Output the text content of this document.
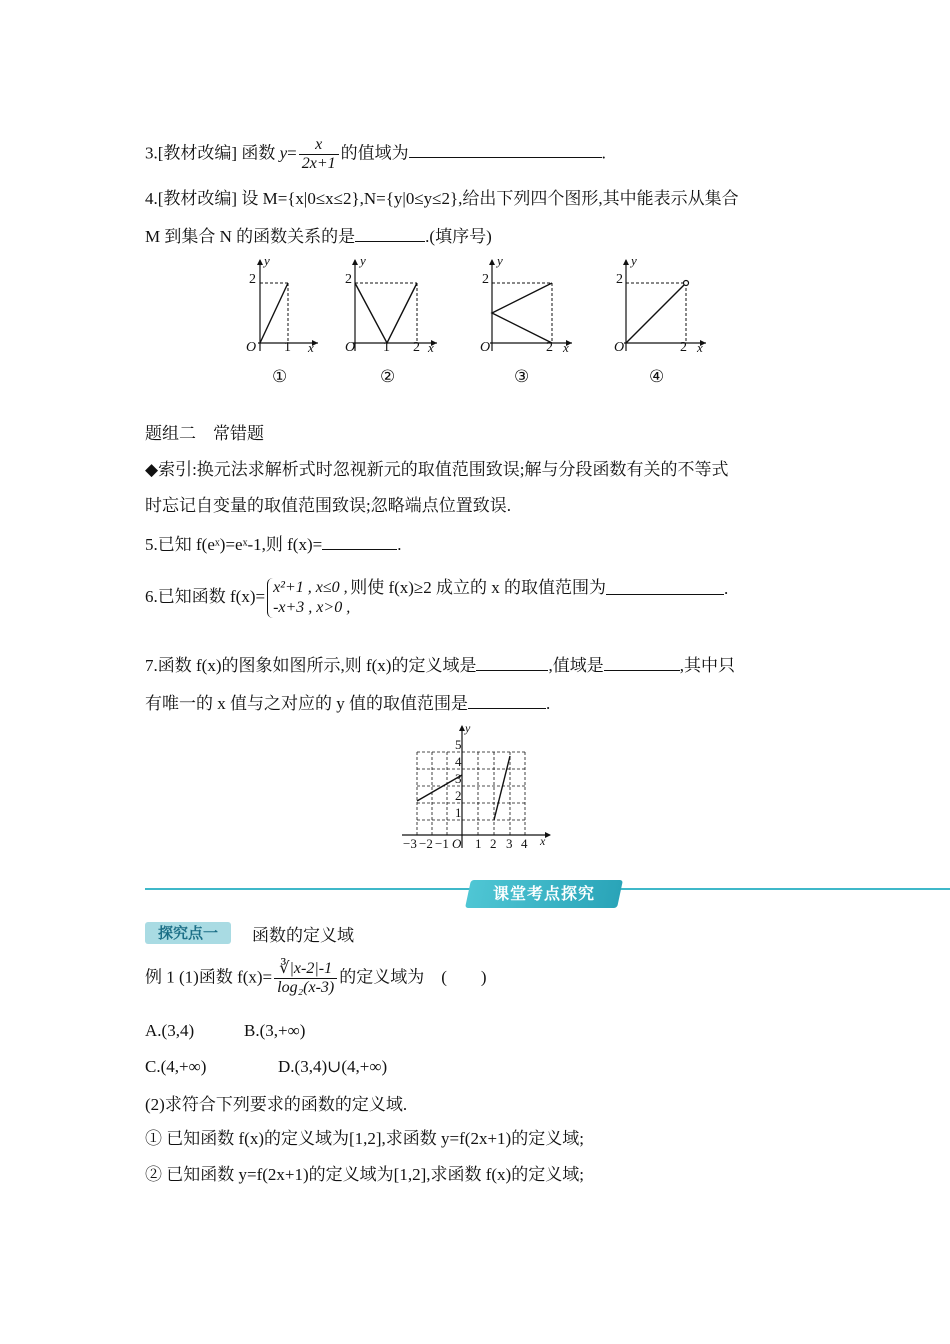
3.[教材改编] 函数 $y= \frac{x}{2x+1}$ 的值域为	.
4.[教材改编] 设 M={x|0≤x≤2},N={y|0≤y≤2},给出下列四个图形,其中能表示从集合
M 到集合 N 的函数关系的是	.(填序号)
y
2
O 1 x
①
y
2
O 1 2 x
②
y
2
O	2 x
③
y
2
O	2 x
④
题组二　常错题
◆索引:换元法求解析式时忽视新元的取值范围致误;解与分段函数有关的不等式
时忘记自变量的取值范围致误;忽略端点位置致误.
5.已知 f(eˣ)=eˣ-1,则 f(x)=	.
6.已知函数 f(x)= x²+1 , x≤0 ,
-x+3 , x>0 ,
则使 f(x)≥2 成立的 x 的取值范围为	.
7.函数 f(x)的图象如图所示,则 f(x)的定义域是	,值域是	,其中只
有唯一的 x 值与之对应的 y 值的取值范围是	.
y
5
4
3
2
1
−3 −2 −1 O 1 2 3 4 x
课堂考点探究
探究点一	函数的定义域
例 1 (1)函数 $f(x)= \frac{∛|x-2|-1}{\text{log₂(x-3)}}$ 的定义域为　(　　)
A.(3,4)	B.(3,+∞)
C.(4,+∞)	D.(3,4)∪(4,+∞)
(2)求符合下列要求的函数的定义域.
① 已知函数 f(x)的定义域为[1,2],求函数 y=f(2x+1)的定义域;
② 已知函数 y=f(2x+1)的定义域为[1,2],求函数 f(x)的定义域;
